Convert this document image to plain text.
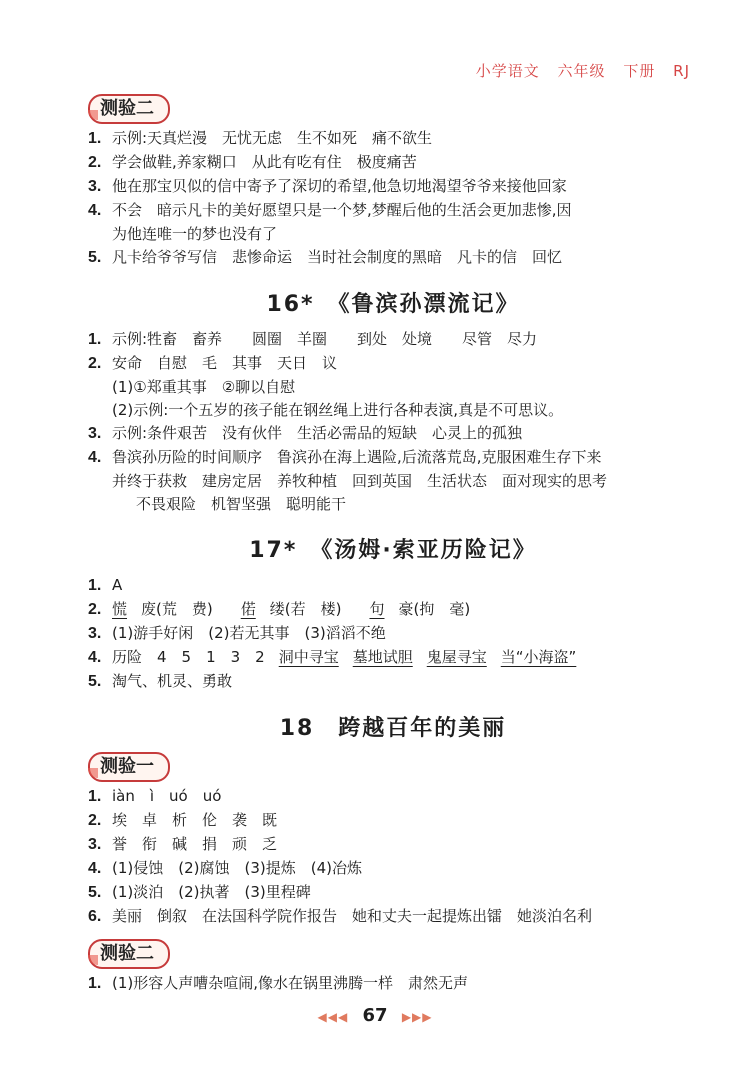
小学语文 六年级 下册 RJ
测验二
1. 示例:天真烂漫　无忧无虑　生不如死　痛不欲生
2. 学会做鞋,养家糊口　从此有吃有住　极度痛苦
3. 他在那宝贝似的信中寄予了深切的希望,他急切地渴望爷爷来接他回家
4. 不会　暗示凡卡的美好愿望只是一个梦,梦醒后他的生活会更加悲惨,因
为他连唯一的梦也没有了
5. 凡卡给爷爷写信　悲惨命运　当时社会制度的黑暗　凡卡的信　回忆
16*　《鲁滨孙漂流记》
1. 示例:牲畜　畜养　　圆圈　羊圈　　到处　处境　　尽管　尽力
2. 安命　自慰　毛　其事　天日　议
(1)①郑重其事　②聊以自慰
(2)示例:一个五岁的孩子能在钢丝绳上进行各种表演,真是不可思议。
3. 示例:条件艰苦　没有伙伴　生活必需品的短缺　心灵上的孤独
4. 鲁滨孙历险的时间顺序　鲁滨孙在海上遇险,后流落荒岛,克服困难生存下来
并终于获救　建房定居　养牧种植　回到英国　生活状态　面对现实的思考
不畏艰险　机智坚强　聪明能干
17*　《汤姆·索亚历险记》
1. A
2. 慌 废(荒　费) 偌 缕(若　楼) 句 豪(拘　毫)
3. (1)游手好闲　(2)若无其事　(3)滔滔不绝
4. 历险　4　5　1　3　2 洞中寻宝 墓地试胆 鬼屋寻宝 当“小海盗”
5. 淘气、机灵、勇敢
18　跨越百年的美丽
测验一
1. iàn　ì　uó　uó
2. 埃　卓　析　伦　袭　既
3. 誉　衔　碱　捐　顽　乏
4. (1)侵蚀　(2)腐蚀　(3)提炼　(4)冶炼
5. (1)淡泊　(2)执著　(3)里程碑
6. 美丽　倒叙　在法国科学院作报告　她和丈夫一起提炼出镭　她淡泊名利
测验二
1. (1)形容人声嘈杂喧闹,像水在锅里沸腾一样　肃然无声
◀◀◀ 67 ▶▶▶
